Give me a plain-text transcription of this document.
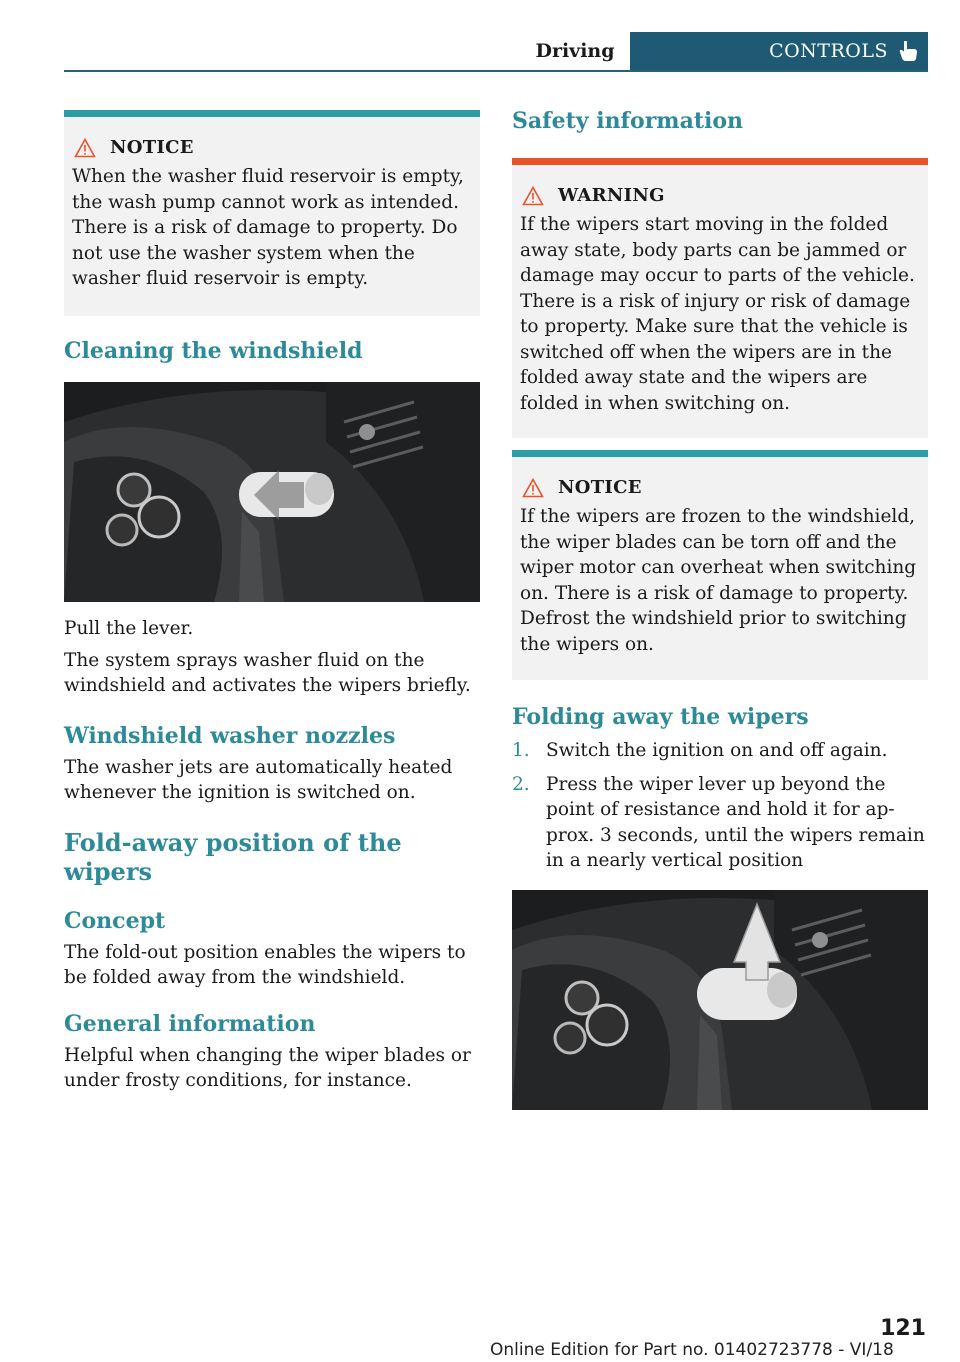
Driving	CONTROLS
NOTICE
When the washer fluid reservoir is empty, the wash pump cannot work as intended. There is a risk of damage to property. Do not use the washer system when the washer fluid reservoir is empty.
Cleaning the windshield

Pull the lever.

The system sprays washer fluid on the windshield and activates the wipers briefly.

Windshield washer nozzles

The washer jets are automatically heated whenever the ignition is switched on.

Fold-away position of the wipers
Concept

The fold-out position enables the wipers to be folded away from the windshield.

General information

Helpful when changing the wiper blades or under frosty conditions, for instance.

Safety information
WARNING
If the wipers start moving in the folded away state, body parts can be jammed or damage may occur to parts of the vehicle. There is a risk of injury or risk of damage to property. Make sure that the vehicle is switched off when the wipers are in the folded away state and the wipers are folded in when switching on.
NOTICE
If the wipers are frozen to the windshield, the wiper blades can be torn off and the wiper motor can overheat when switching on. There is a risk of damage to property. Defrost the windshield prior to switching the wipers on.
Folding away the wipers
1. Switch the ignition on and off again.
2. Press the wiper lever up beyond the point of resistance and hold it for ap-prox. 3 seconds, until the wipers remain in a nearly vertical position
Online Edition for Part no. 01402723778 - VI/18
121
